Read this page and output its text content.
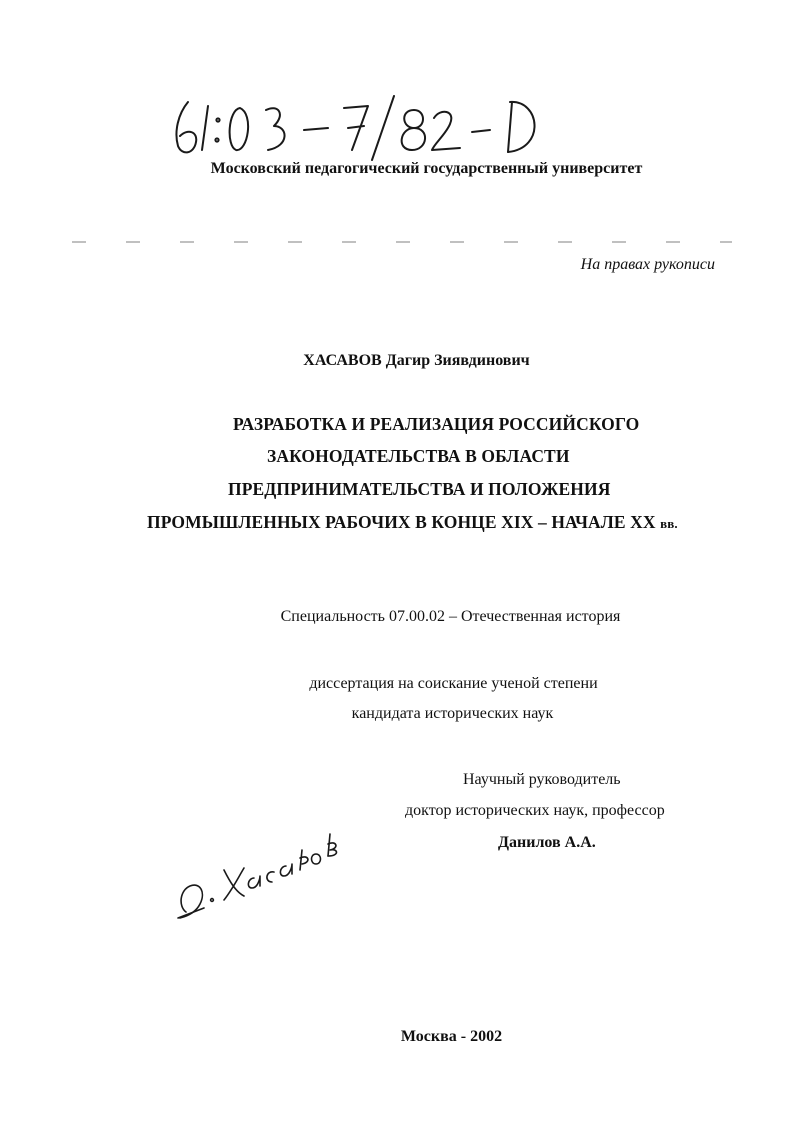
Московский педагогический государственный университет
На правах рукописи
ХАСАВОВ Дагир Зиявдинович
РАЗРАБОТКА И РЕАЛИЗАЦИЯ РОССИЙСКОГО
ЗАКОНОДАТЕЛЬСТВА В ОБЛАСТИ
ПРЕДПРИНИМАТЕЛЬСТВА И ПОЛОЖЕНИЯ
ПРОМЫШЛЕННЫХ РАБОЧИХ В КОНЦЕ XIX – НАЧАЛЕ XX вв.
Специальность 07.00.02 – Отечественная история
диссертация на соискание ученой степени
кандидата исторических наук
Научный руководитель
доктор исторических наук, профессор
Данилов А.А.
Москва - 2002
